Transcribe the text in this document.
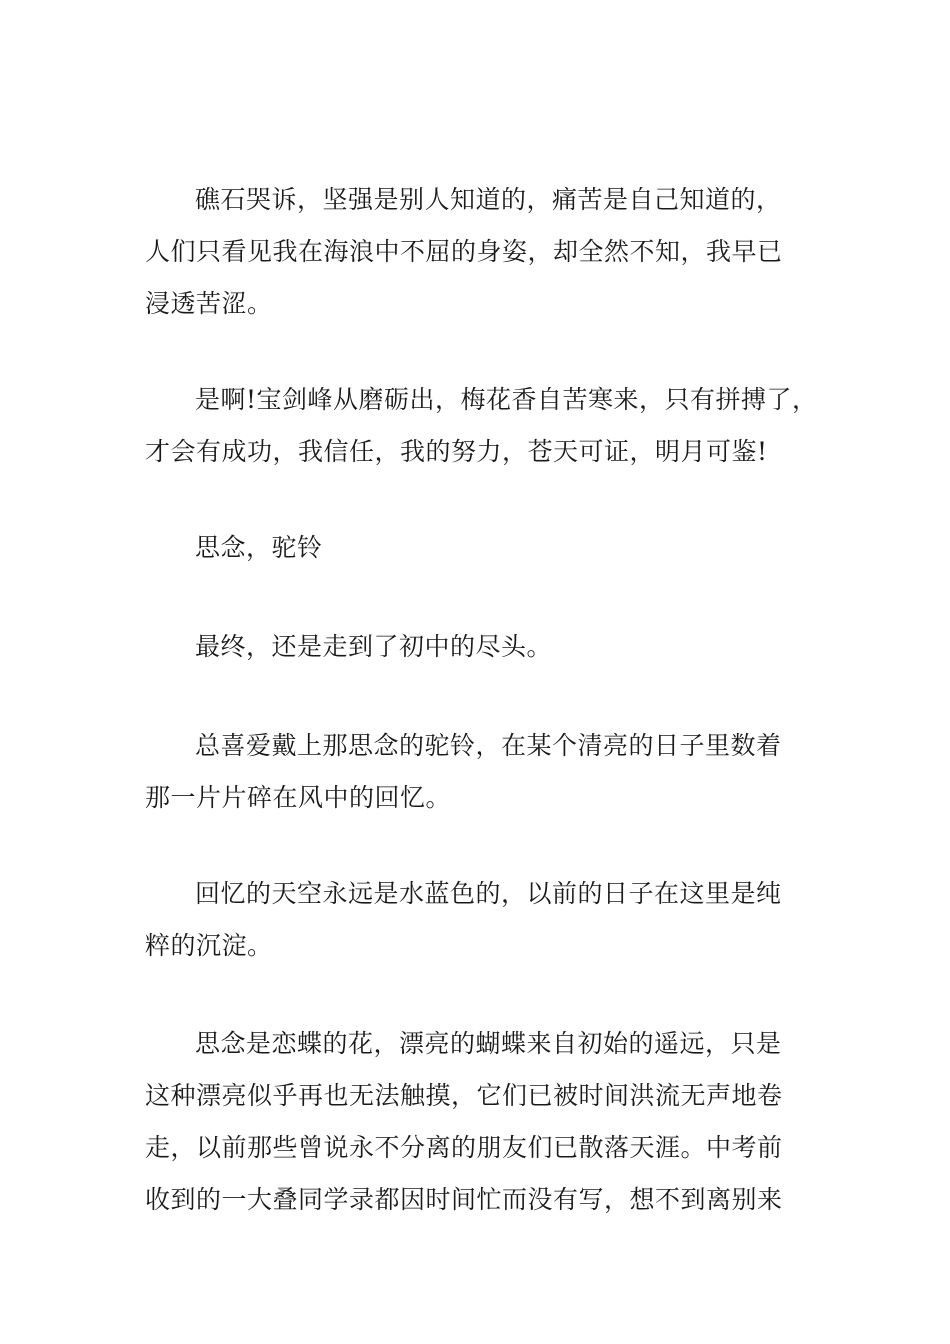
礁石哭诉，坚强是别人知道的，痛苦是自己知道的，
人们只看见我在海浪中不屈的身姿，却全然不知，我早已
浸透苦涩。

是啊!宝剑峰从磨砺出，梅花香自苦寒来，只有拼搏了，
才会有成功，我信任，我的努力，苍天可证，明月可鉴!

思念，驼铃

最终，还是走到了初中的尽头。

总喜爱戴上那思念的驼铃，在某个清亮的日子里数着
那一片片碎在风中的回忆。

回忆的天空永远是水蓝色的，以前的日子在这里是纯
粹的沉淀。

思念是恋蝶的花，漂亮的蝴蝶来自初始的遥远，只是
这种漂亮似乎再也无法触摸，它们已被时间洪流无声地卷
走，以前那些曾说永不分离的朋友们已散落天涯。中考前
收到的一大叠同学录都因时间忙而没有写，想不到离别来
